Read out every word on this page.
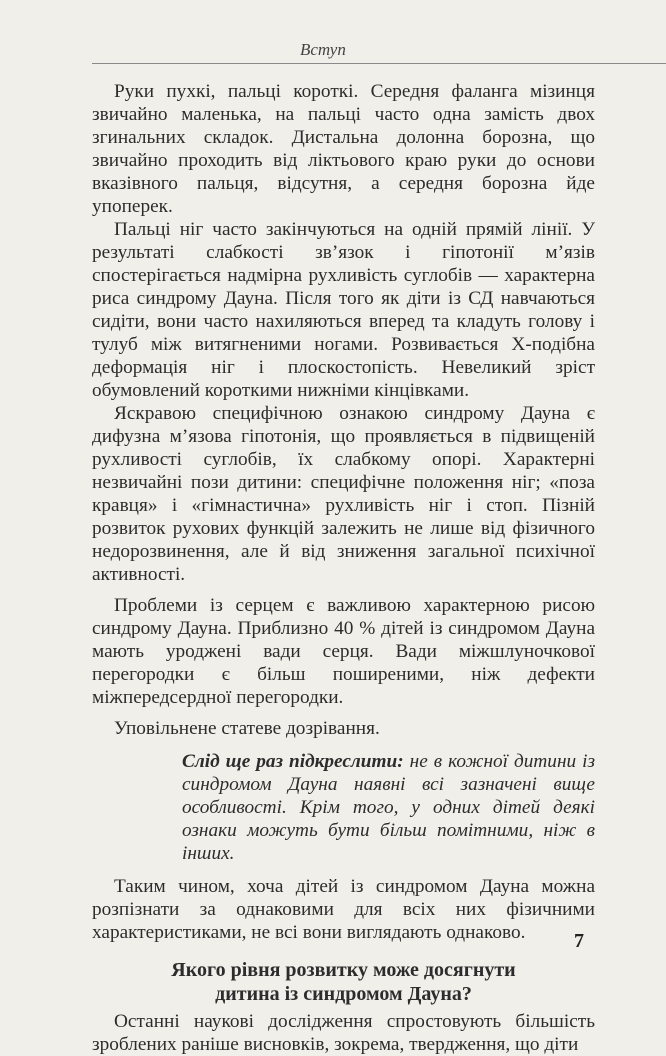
Вступ

Руки пухкі, пальці короткі. Середня фаланга мізинця звичайно маленька, на пальці часто одна замість двох згинальних складок. Дистальна долонна борозна, що звичайно проходить від ліктьового краю руки до основи вказівного пальця, відсутня, а середня борозна йде упоперек.

Пальці ніг часто закінчуються на одній прямій лінії. У результаті слабкості зв’язок і гіпотонії м’язів спостерігається надмірна рухливість суглобів — характерна риса синдрому Дауна. Після того як діти із СД навчаються сидіти, вони часто нахиляються вперед та кладуть голову і тулуб між витягненими ногами. Розвивається Х-подібна деформація ніг і плоскостопість. Невеликий зріст обумовлений короткими нижніми кінцівками.

Яскравою специфічною ознакою синдрому Дауна є дифузна м’язова гіпотонія, що проявляється в підвищеній рухливості суглобів, їх слабкому опорі. Характерні незвичайні пози дитини: специфічне положення ніг; «поза кравця» і «гімнастична» рухливість ніг і стоп. Пізній розвиток рухових функцій залежить не лише від фізичного недорозвинення, але й від зниження загальної психічної активності.

Проблеми із серцем є важливою характерною рисою синдрому Дауна. Приблизно 40 % дітей із синдромом Дауна мають уроджені вади серця. Вади міжшлуночкової перегородки є більш поширеними, ніж дефекти міжпередсердної перегородки.

Уповільнене статеве дозрівання.

Слід ще раз підкреслити: не в кожної дитини із синдромом Дауна наявні всі зазначені вище особливості. Крім того, у одних дітей деякі ознаки можуть бути більш помітними, ніж в інших.

Таким чином, хоча дітей із синдромом Дауна можна розпізнати за однаковими для всіх них фізичними характеристиками, не всі вони виглядають однаково.

Якого рівня розвитку може досягнути
дитина із синдромом Дауна?

Останні наукові дослідження спростовують більшість зроблених раніше висновків, зокрема, твердження, що діти

7
